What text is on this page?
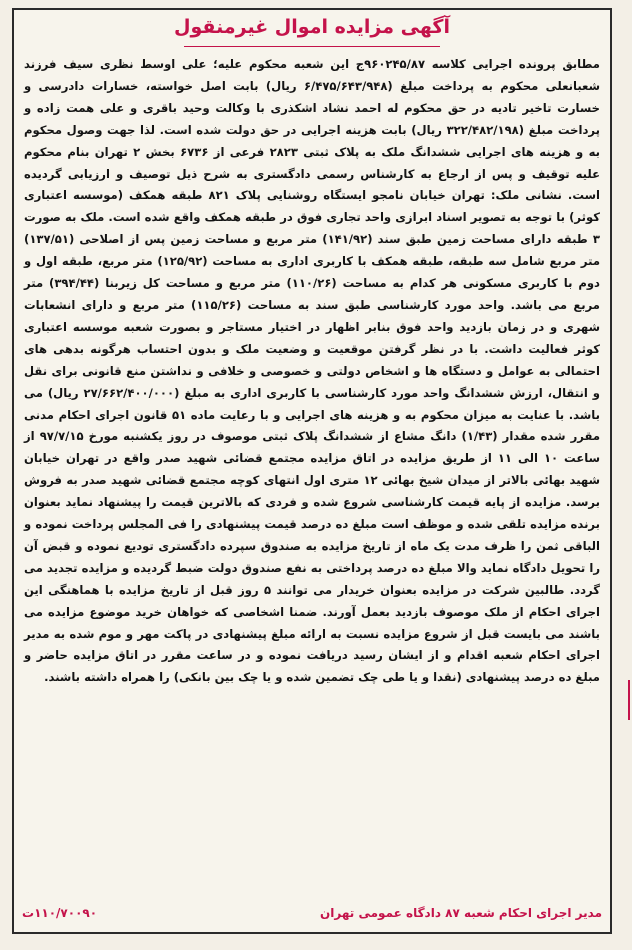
آگهی مزایده اموال غیرمنقول
مطابق پرونده اجرایی کلاسه ۹۶۰۲۴۵/۸۷ج این شعبه محکوم علیه؛ علی اوسط نظری سیف فرزند شعبانعلی محکوم به پرداخت مبلغ (۶/۴۷۵/۶۴۳/۹۴۸ ریال) بابت اصل خواسته، خسارات دادرسی و خسارت تاخیر تادیه در حق محکوم له احمد نشاد اشکذری با وکالت وحید باقری و علی همت زاده و پرداخت مبلغ (۳۲۲/۴۸۲/۱۹۸ ریال) بابت هزینه اجرایی در حق دولت شده است. لذا جهت وصول محکوم به و هزینه های اجرایی ششدانگ ملک به پلاک ثبتی ۲۸۲۳ فرعی از ۶۷۳۶ بخش ۲ تهران بنام محکوم علیه توقیف و پس از ارجاع به کارشناس رسمی دادگستری به شرح ذیل توصیف و ارزیابی گردیده است. نشانی ملک: تهران خیابان نامجو ایستگاه روشنایی پلاک ۸۲۱ طبقه همکف (موسسه اعتباری کوثر) با توجه به تصویر اسناد ابرازی واحد تجاری فوق در طبقه همکف واقع شده است. ملک به صورت ۳ طبقه دارای مساحت زمین طبق سند (۱۴۱/۹۲) متر مربع و مساحت زمین پس از اصلاحی (۱۳۷/۵۱) متر مربع شامل سه طبقه، طبقه همکف با کاربری اداری به مساحت (۱۲۵/۹۲) متر مربع، طبقه اول و دوم با کاربری مسکونی هر کدام به مساحت (۱۱۰/۲۶) متر مربع و مساحت کل زیربنا (۳۹۴/۴۴) متر مربع می باشد. واحد مورد کارشناسی طبق سند به مساحت (۱۱۵/۲۶) متر مربع و دارای انشعابات شهری و در زمان بازدید واحد فوق بنابر اظهار در اختیار مستاجر و بصورت شعبه موسسه اعتباری کوثر فعالیت داشت. با در نظر گرفتن موقعیت و وضعیت ملک و بدون احتساب هرگونه بدهی های احتمالی به عوامل و دستگاه ها و اشخاص دولتی و خصوصی و خلافی و نداشتن منع قانونی برای نقل و انتقال، ارزش ششدانگ واحد مورد کارشناسی با کاربری اداری به مبلغ (۲۷/۶۶۲/۴۰۰/۰۰۰ ریال) می باشد. با عنایت به میزان محکوم به و هزینه های اجرایی و با رعایت ماده ۵۱ قانون اجرای احکام مدنی مقرر شده مقدار (۱/۴۳) دانگ مشاع از ششدانگ پلاک ثبتی موصوف در روز یکشنبه مورخ ۹۷/۷/۱۵ از ساعت ۱۰ الی ۱۱ از طریق مزایده در اتاق مزایده مجتمع قضائی شهید صدر واقع در تهران خیابان شهید بهائی بالاتر از میدان شیخ بهائی ۱۲ متری اول انتهای کوچه مجتمع قضائی شهید صدر به فروش برسد. مزایده از پایه قیمت کارشناسی شروع شده و فردی که بالاترین قیمت را پیشنهاد نماید بعنوان برنده مزایده تلقی شده و موظف است مبلغ ده درصد قیمت پیشنهادی را فی المجلس پرداخت نموده و الباقی ثمن را ظرف مدت یک ماه از تاریخ مزایده به صندوق سپرده دادگستری تودیع نموده و قبض آن را تحویل دادگاه نماید والا مبلغ ده درصد پرداختی به نفع صندوق دولت ضبط گردیده و مزایده تجدید می گردد. طالبین شرکت در مزایده بعنوان خریدار می توانند ۵ روز قبل از تاریخ مزایده با هماهنگی این اجرای احکام از ملک موصوف بازدید بعمل آورند. ضمنا اشخاصی که خواهان خرید موضوع مزایده می باشند می بایست قبل از شروع مزایده نسبت به ارائه مبلغ پیشنهادی در پاکت مهر و موم شده به مدیر اجرای احکام شعبه اقدام و از ایشان رسید دریافت نموده و در ساعت مقرر در اتاق مزایده حاضر و مبلغ ده درصد پیشنهادی (نقدا و یا طی چک تضمین شده و یا چک بین بانکی) را همراه داشته باشند.
مدیر اجرای احکام شعبه ۸۷ دادگاه عمومی تهران
۱۱۰/۷۰۰۹۰ت
